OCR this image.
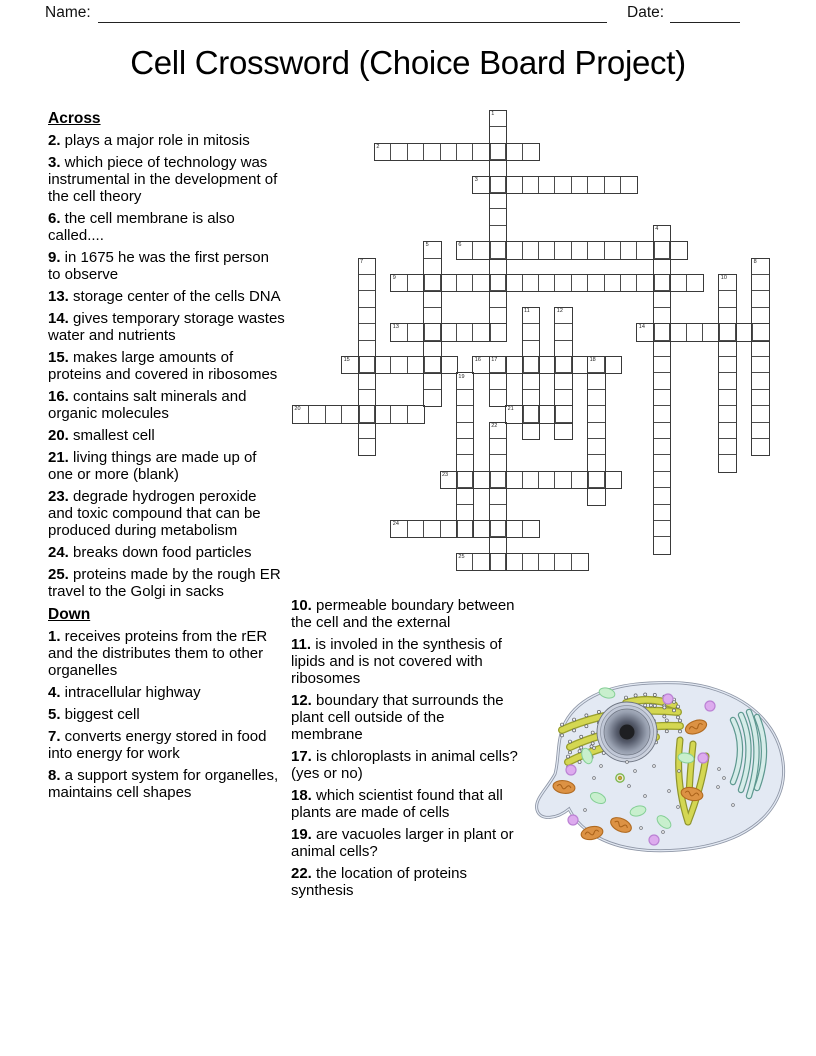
Name:	Date:
Cell Crossword (Choice Board Project)

Across

2. plays a major role in mitosis

3. which piece of technology was instrumental in the development of the cell theory

6. the cell membrane is also called....

9. in 1675 he was the first person to observe

13. storage center of the cells DNA

14. gives temporary storage wastes water and nutrients

15. makes large amounts of proteins and covered in ribosomes

16. contains salt minerals and organic molecules

20. smallest cell

21. living things are made up of one or more (blank)

23. degrade hydrogen peroxide and toxic compound that can be produced during metabolism

24. breaks down food particles

25. proteins made by the rough ER travel to the Golgi in sacks

Down

1. receives proteins from the rER and the distributes them to other organelles

4. intracellular highway

5. biggest cell

7. converts energy stored in food into energy for work

8. a support system for organelles, maintains cell shapes

10. permeable boundary between the cell and the external

11. is involed in the synthesis of lipids and is not covered with ribosomes

12. boundary that surrounds the plant cell outside of the membrane

17. is chloroplasts in animal cells? (yes or no)

18. which scientist found that all plants are made of cells

19. are vacuoles larger in plant or animal cells?

22. the location of proteins synthesis

1
2
3
4
5	6
7	8
9	10
11	12
13	14
15	16 17	18
19
20	21
22
23
24
25
